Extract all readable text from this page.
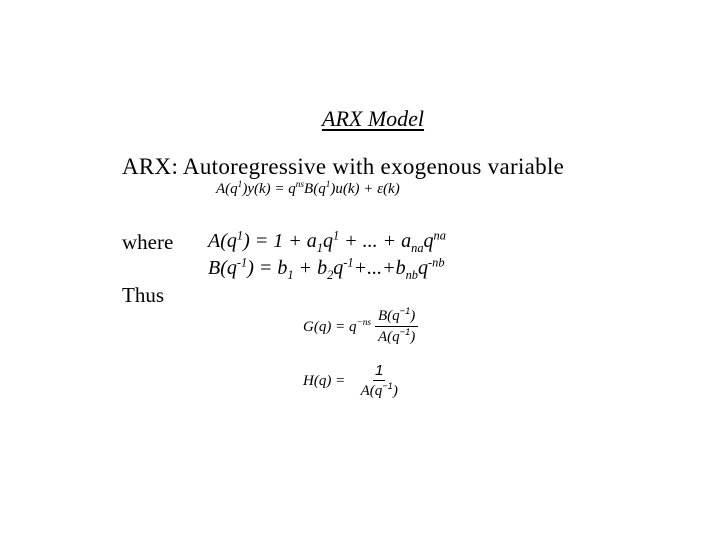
ARX Model
ARX: Autoregressive with exogenous variable
$A(q^1)y(k) = q^{ns}B(q^1)u(k) + \varepsilon(k)$
where $A(q^1) = 1 + a_1q^1$ + ... + $a_{na}q^{na}$
$B(q^{-1}) = b_1 + b_2q^{-1}+...+b_{nb}q^{-nb}$
Thus
$G(q) = q^{-ns} \frac{B(q^{-1})}{A(q^{-1})}$
$H(q) = \frac{1}{A(q^{-1})}$
